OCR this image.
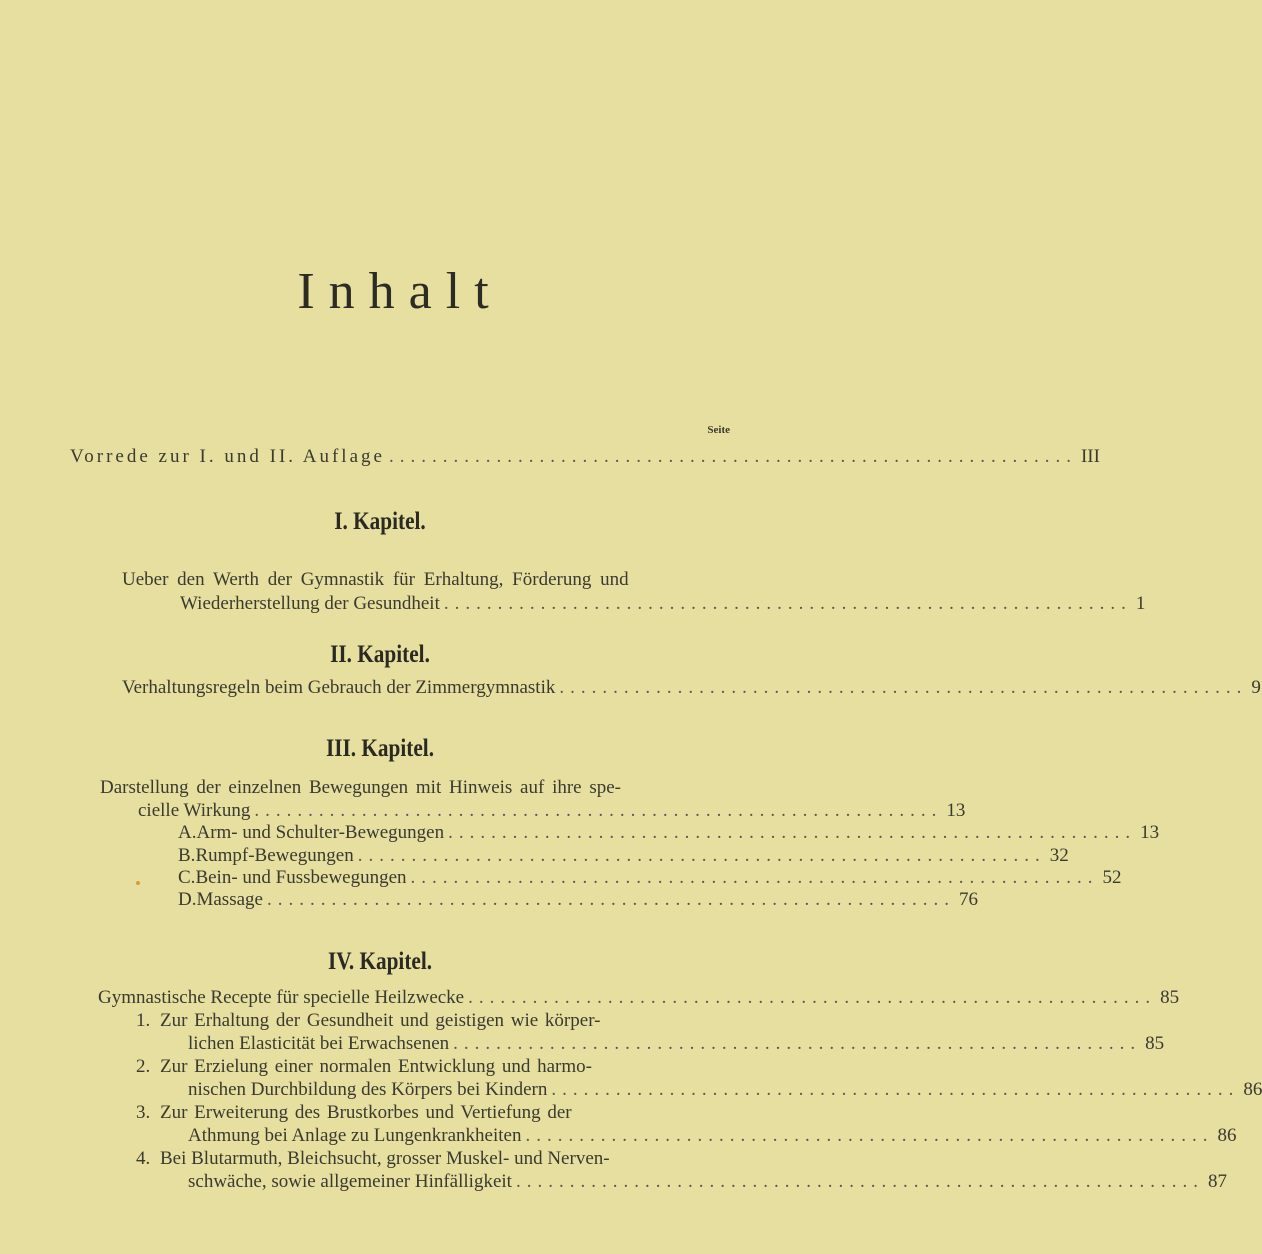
Inhalt
Seite
Vorrede zur I. und II. Auflage ................................................................ III
I. Kapitel.
Ueber den Werth der Gymnastik für Erhaltung, Förderung und
Wiederherstellung der Gesundheit ................................................................ 1
II. Kapitel.
Verhaltungsregeln beim Gebrauch der Zimmergymnastik ................................................................ 9
III. Kapitel.
Darstellung der einzelnen Bewegungen mit Hinweis auf ihre spe-
cielle Wirkung ................................................................ 13
A. Arm- und Schulter-Bewegungen ................................................................ 13
B. Rumpf-Bewegungen ................................................................ 32
C. Bein- und Fussbewegungen ................................................................ 52
D. Massage ................................................................ 76
IV. Kapitel.
Gymnastische Recepte für specielle Heilzwecke ................................................................ 85
1. Zur Erhaltung der Gesundheit und geistigen wie körper-
lichen Elasticität bei Erwachsenen ................................................................ 85
2. Zur Erzielung einer normalen Entwicklung und harmo-
nischen Durchbildung des Körpers bei Kindern ................................................................ 86
3. Zur Erweiterung des Brustkorbes und Vertiefung der
Athmung bei Anlage zu Lungenkrankheiten ................................................................ 86
4. Bei Blutarmuth, Bleichsucht, grosser Muskel- und Nerven-
schwäche, sowie allgemeiner Hinfälligkeit ................................................................ 87
